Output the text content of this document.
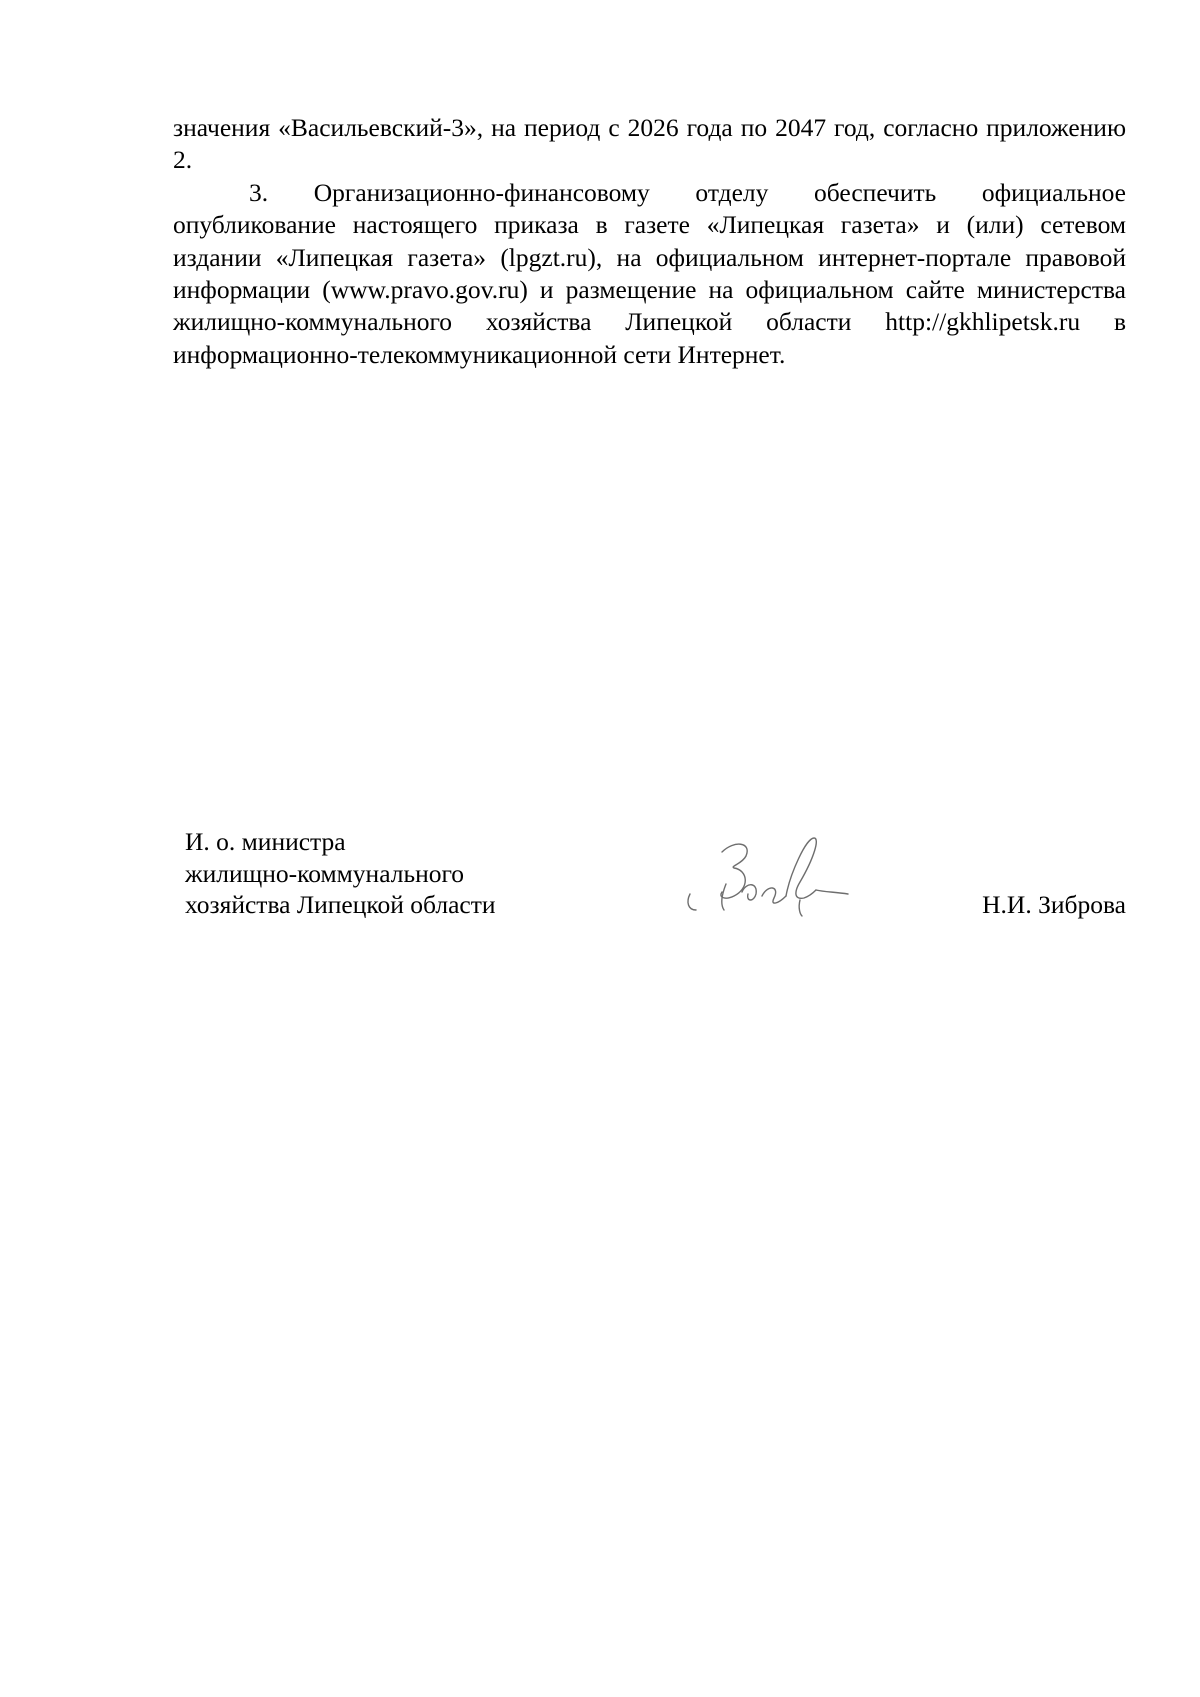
значения «Васильевский-3», на период с 2026 года по 2047 год, согласно приложению 2.

3. Организационно-финансовому отделу обеспечить официальное опубликование настоящего приказа в газете «Липецкая газета» и (или) сетевом издании «Липецкая газета» (lpgzt.ru), на официальном интернет-портале правовой информации (www.pravo.gov.ru) и размещение на официальном сайте министерства жилищно-коммунального хозяйства Липецкой области http://gkhlipetsk.ru в информационно-телекоммуникационной сети Интернет.

И. о. министра
жилищно-коммунального
хозяйства Липецкой области	Н.И. Зиброва
